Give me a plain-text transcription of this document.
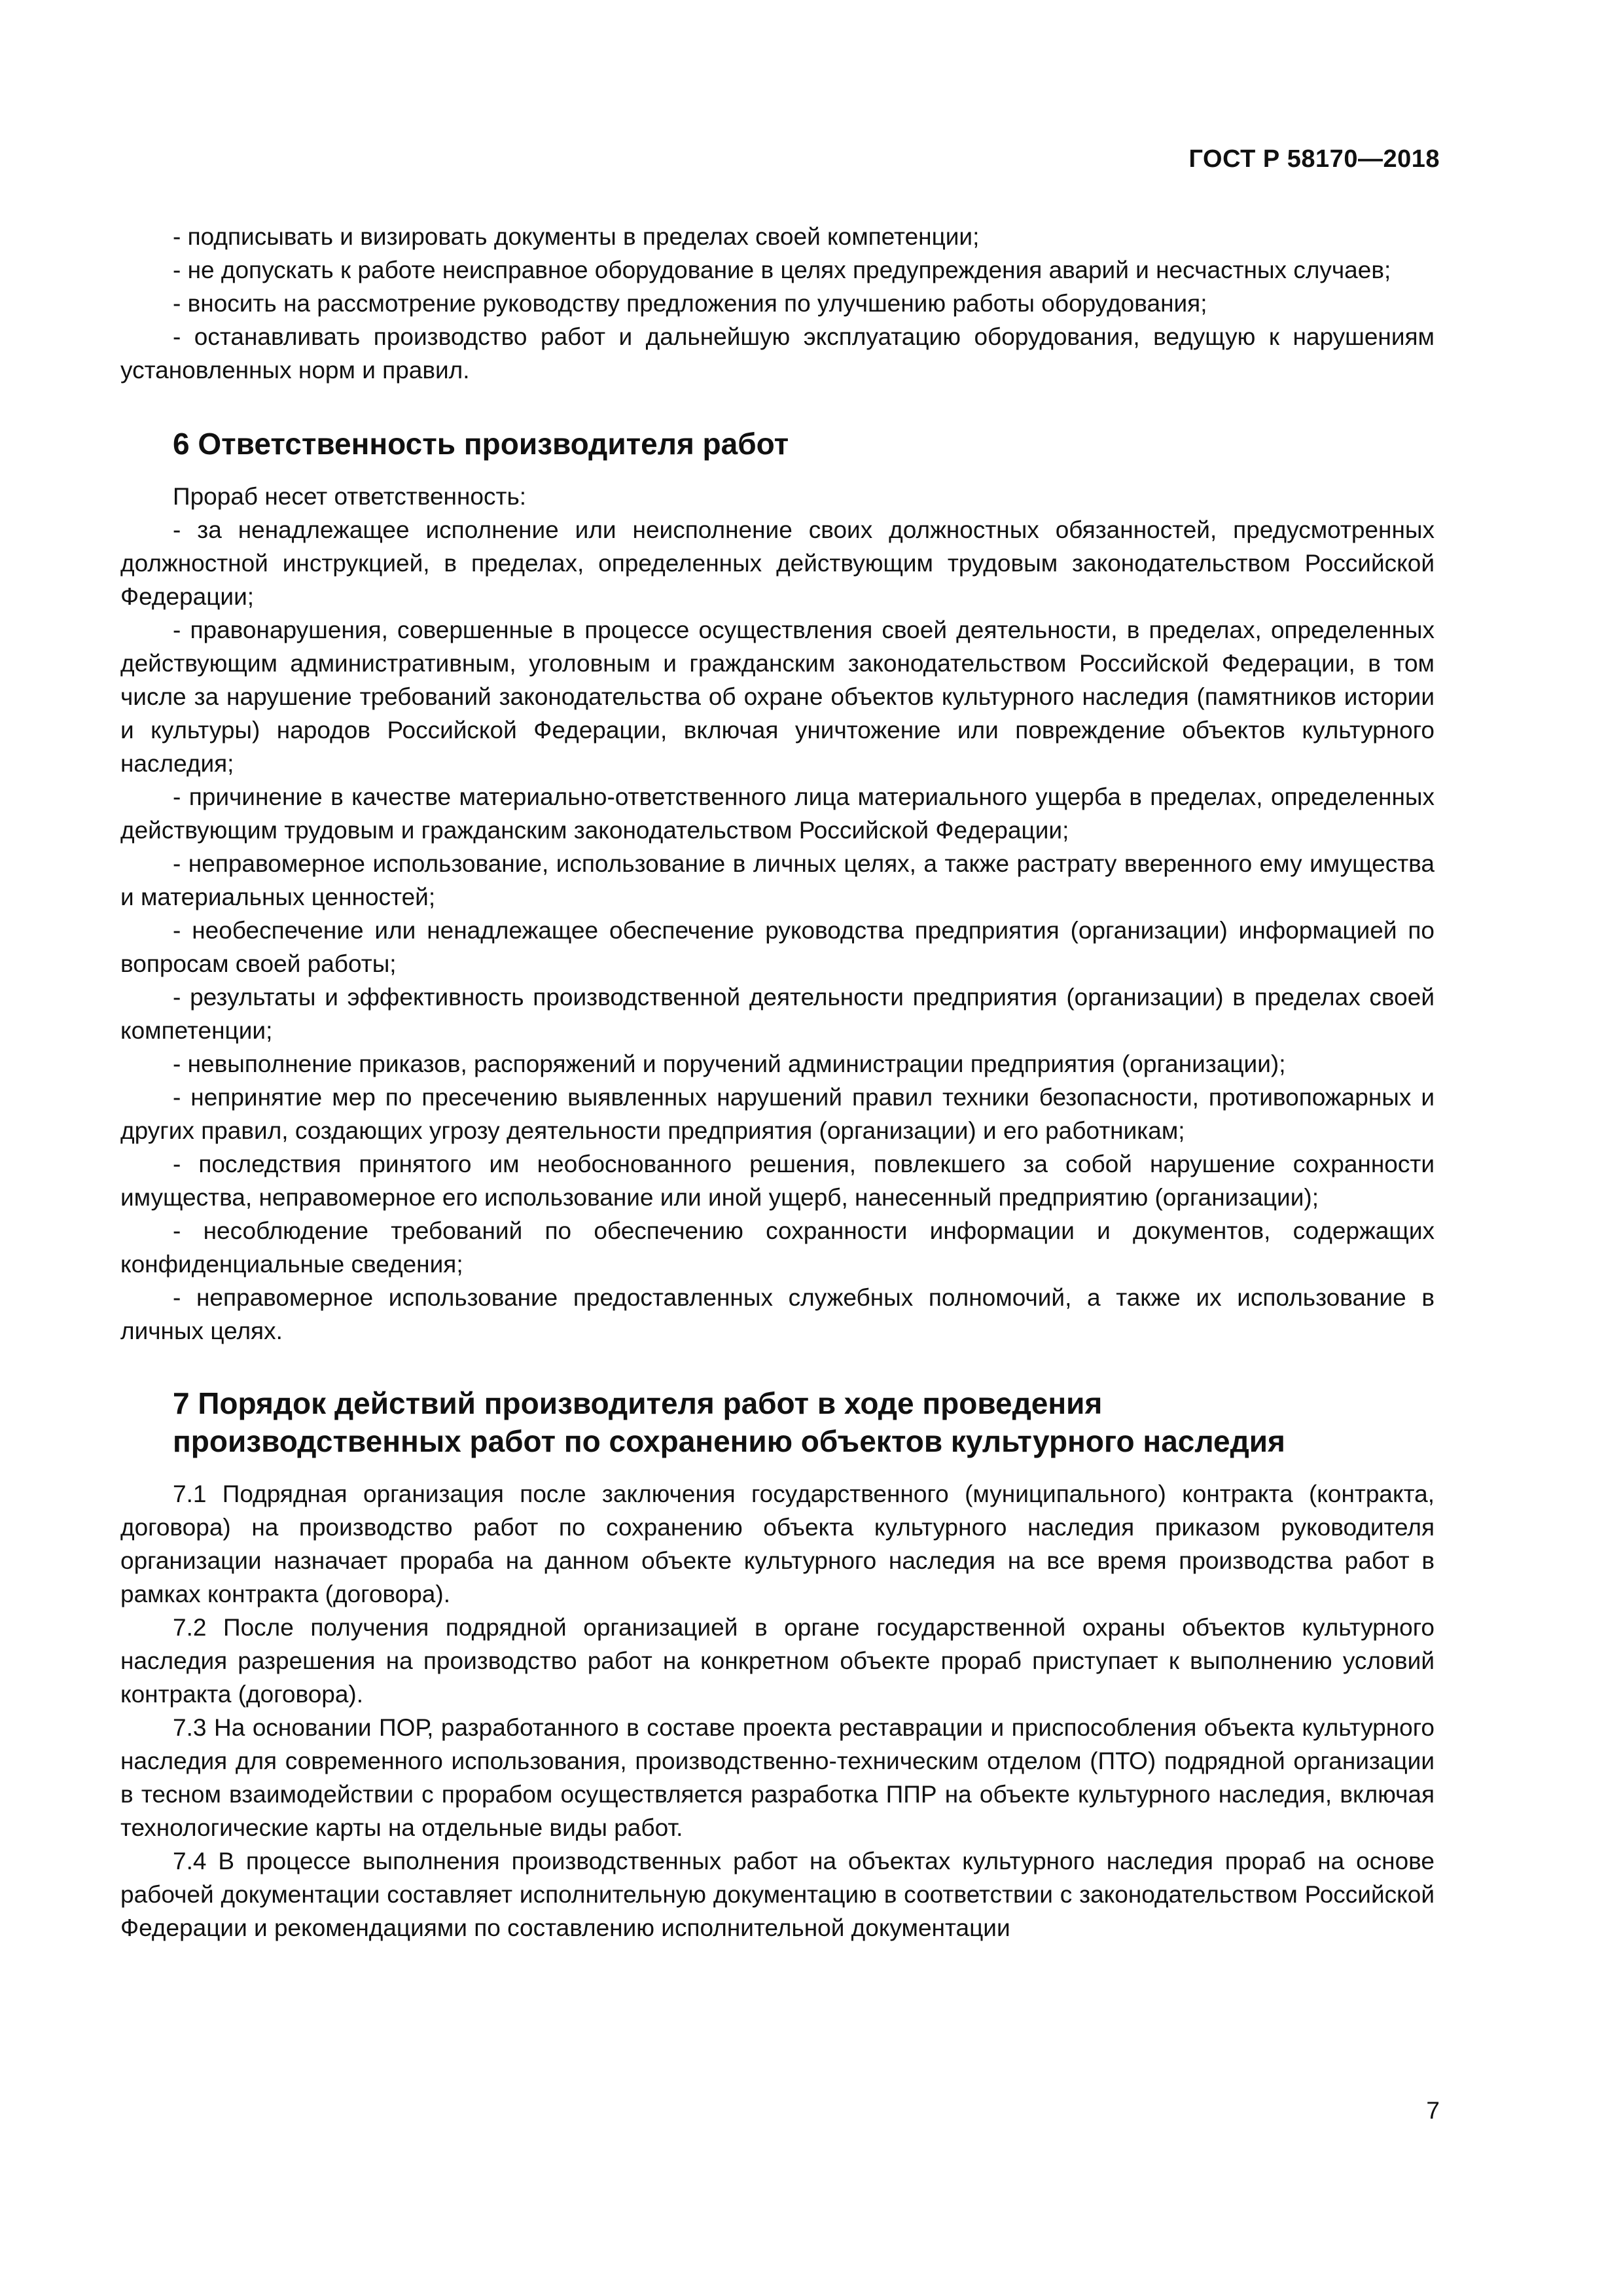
ГОСТ Р 58170—2018

- подписывать и визировать документы в пределах своей компетенции;

- не допускать к работе неисправное оборудование в целях предупреждения аварий и несчастных случаев;

- вносить на рассмотрение руководству предложения по улучшению работы оборудования;

- останавливать производство работ и дальнейшую эксплуатацию оборудования, ведущую к нарушениям установленных норм и правил.

6 Ответственность производителя работ

Прораб несет ответственность:

- за ненадлежащее исполнение или неисполнение своих должностных обязанностей, предусмотренных должностной инструкцией, в пределах, определенных действующим трудовым законодательством Российской Федерации;

- правонарушения, совершенные в процессе осуществления своей деятельности, в пределах, определенных действующим административным, уголовным и гражданским законодательством Российской Федерации, в том числе за нарушение требований законодательства об охране объектов культурного наследия (памятников истории и культуры) народов Российской Федерации, включая уничтожение или повреждение объектов культурного наследия;

- причинение в качестве материально-ответственного лица материального ущерба в пределах, определенных действующим трудовым и гражданским законодательством Российской Федерации;

- неправомерное использование, использование в личных целях, а также растрату вверенного ему имущества и материальных ценностей;

- необеспечение или ненадлежащее обеспечение руководства предприятия (организации) информацией по вопросам своей работы;

- результаты и эффективность производственной деятельности предприятия (организации) в пределах своей компетенции;

- невыполнение приказов, распоряжений и поручений администрации предприятия (организации);

- непринятие мер по пресечению выявленных нарушений правил техники безопасности, противопожарных и других правил, создающих угрозу деятельности предприятия (организации) и его работникам;

- последствия принятого им необоснованного решения, повлекшего за собой нарушение сохранности имущества, неправомерное его использование или иной ущерб, нанесенный предприятию (организации);

- несоблюдение требований по обеспечению сохранности информации и документов, содержащих конфиденциальные сведения;

- неправомерное использование предоставленных служебных полномочий, а также их использование в личных целях.

7 Порядок действий производителя работ в ходе проведения
производственных работ по сохранению объектов культурного наследия

7.1 Подрядная организация после заключения государственного (муниципального) контракта (контракта, договора) на производство работ по сохранению объекта культурного наследия приказом руководителя организации назначает прораба на данном объекте культурного наследия на все время производства работ в рамках контракта (договора).

7.2 После получения подрядной организацией в органе государственной охраны объектов культурного наследия разрешения на производство работ на конкретном объекте прораб приступает к выполнению условий контракта (договора).

7.3 На основании ПОР, разработанного в составе проекта реставрации и приспособления объекта культурного наследия для современного использования, производственно-техническим отделом (ПТО) подрядной организации в тесном взаимодействии с прорабом осуществляется разработка ППР на объекте культурного наследия, включая технологические карты на отдельные виды работ.

7.4 В процессе выполнения производственных работ на объектах культурного наследия прораб на основе рабочей документации составляет исполнительную документацию в соответствии с законодательством Российской Федерации и рекомендациями по составлению исполнительной документации

7
